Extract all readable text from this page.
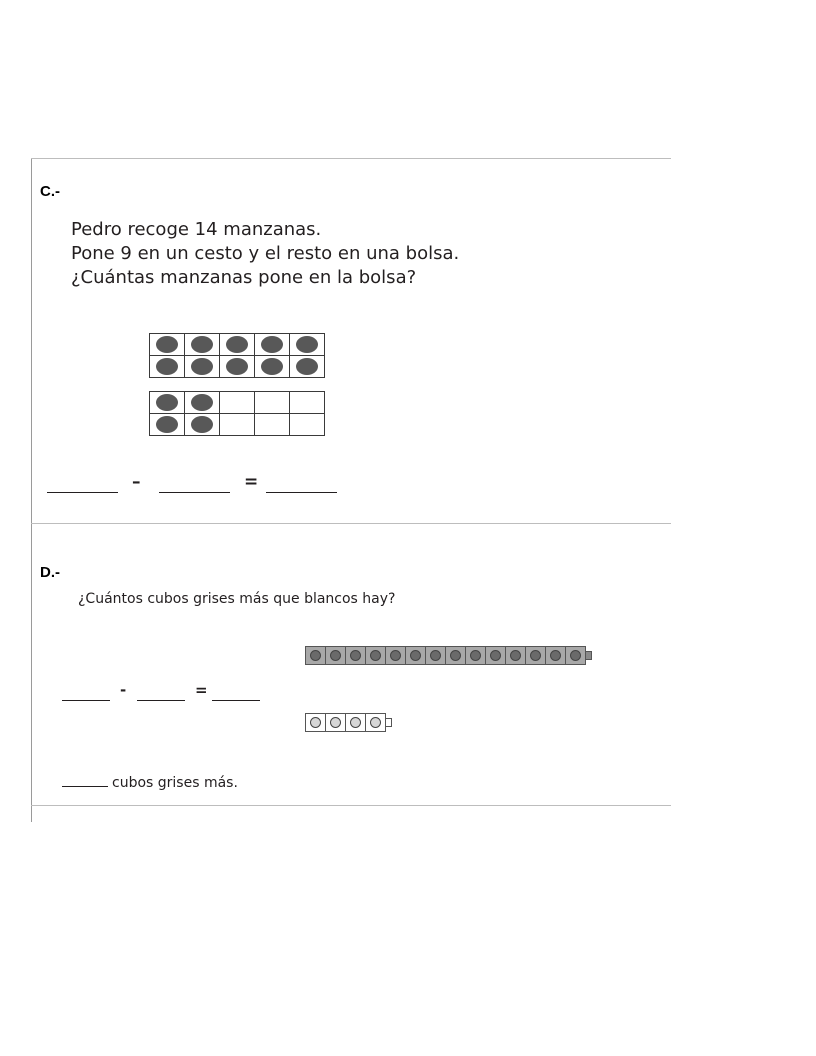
C.-
Pedro recoge 14 manzanas.
Pone 9 en un cesto y el resto en una bolsa.
¿Cuántas manzanas pone en la bolsa?

–	=
D.-
¿Cuántos cubos grises más que blancos hay?
-	=
cubos grises más.
